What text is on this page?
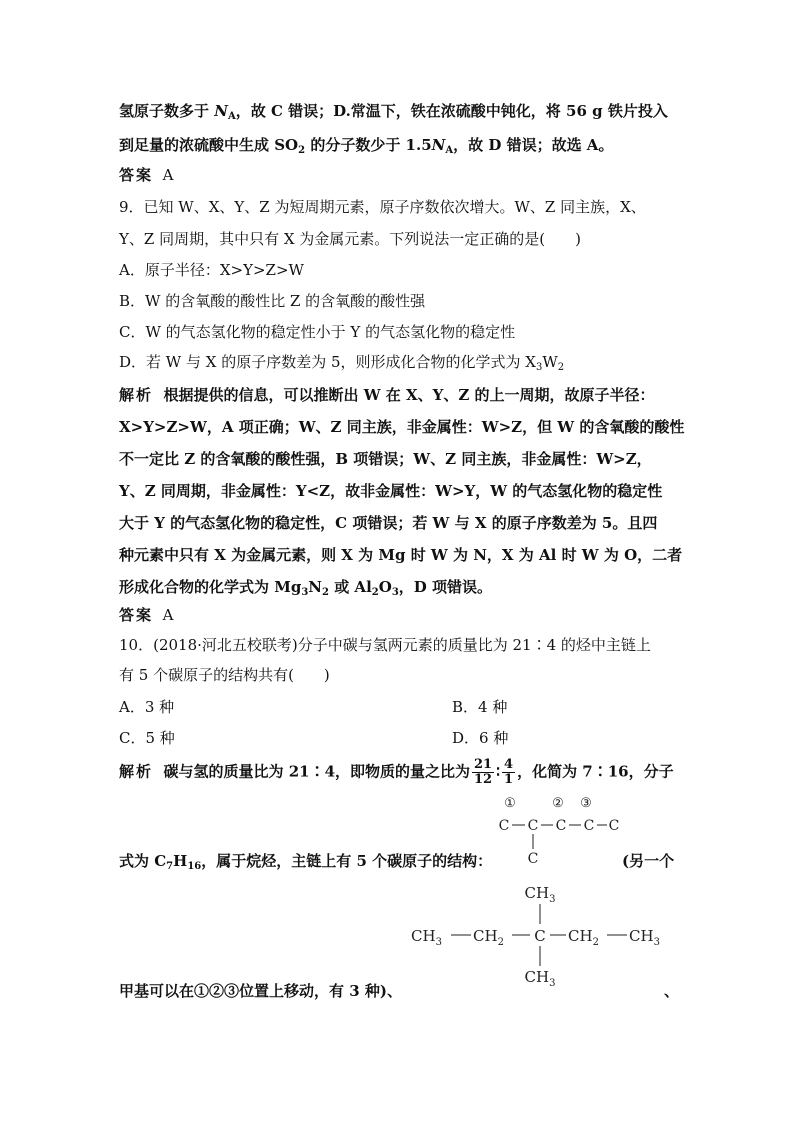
氢原子数多于 $N_A$，故 C 错误；D.常温下，铁在浓硫酸中钝化，将 56 g 铁片投入
到足量的浓硫酸中生成 $SO_2$ 的分子数少于 $1.5N_A$，故 D 错误；故选 A。
答案 A
9．已知 W、X、Y、Z 为短周期元素，原子序数依次增大。W、Z 同主族，X、
Y、Z 同周期，其中只有 X 为金属元素。下列说法一定正确的是(　　)
A．原子半径：X>Y>Z>W
B．W 的含氧酸的酸性比 Z 的含氧酸的酸性强
C．W 的气态氢化物的稳定性小于 Y 的气态氢化物的稳定性
D．若 W 与 X 的原子序数差为 5，则形成化合物的化学式为 $X_3W_2$
解析 根据提供的信息，可以推断出 W 在 X、Y、Z 的上一周期，故原子半径：
X>Y>Z>W，A 项正确；W、Z 同主族，非金属性：W>Z，但 W 的含氧酸的酸性
不一定比 Z 的含氧酸的酸性强，B 项错误；W、Z 同主族，非金属性：W>Z，
Y、Z 同周期，非金属性：Y<Z，故非金属性：W>Y，W 的气态氢化物的稳定性
大于 Y 的气态氢化物的稳定性，C 项错误；若 W 与 X 的原子序数差为 5。且四
种元素中只有 X 为金属元素，则 X 为 Mg 时 W 为 N，X 为 Al 时 W 为 O，二者
形成化合物的化学式为 $Mg_3N_2$ 或 $Al_2O_3$，D 项错误。
答案 A
10．(2018·河北五校联考)分子中碳与氢两元素的质量比为 21∶4 的烃中主链上
有 5 个碳原子的结构共有(　　)
A．3 种	B．4 种
C．5 种	D．6 种
解析 碳与氢的质量比为 21∶4，即物质的量之比为 $\frac{21}{12}$ ∶ $\frac{4}{1}$ ，化简为 7∶16，分子
①	② ③
C C C C C
C
式为 $C_7H_{16}$，属于烷烃，主链上有 5 个碳原子的结构：	(另一个
$CH_3$
$CH_3$ $CH_2$ C $CH_2$ $CH_3$
$CH_3$
甲基可以在①②③位置上移动，有 3 种)、	、
